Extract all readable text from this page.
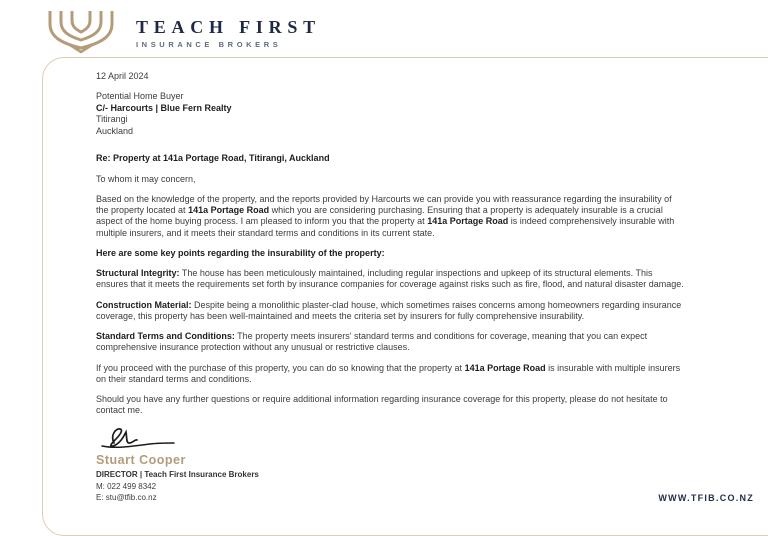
TEACH FIRST
INSURANCE BROKERS
12 April 2024
Potential Home Buyer
C/- Harcourts | Blue Fern Realty
Titirangi
Auckland

Re: Property at 141a Portage Road, Titirangi, Auckland

To whom it may concern,

Based on the knowledge of the property, and the reports provided by Harcourts we can provide you with reassurance regarding the insurability of the property located at 141a Portage Road which you are considering purchasing. Ensuring that a property is adequately insurable is a crucial aspect of the home buying process. I am pleased to inform you that the property at 141a Portage Road is indeed comprehensively insurable with multiple insurers, and it meets their standard terms and conditions in its current state.

Here are some key points regarding the insurability of the property:

Structural Integrity: The house has been meticulously maintained, including regular inspections and upkeep of its structural elements. This ensures that it meets the requirements set forth by insurance companies for coverage against risks such as fire, flood, and natural disaster damage.

Construction Material: Despite being a monolithic plaster-clad house, which sometimes raises concerns among homeowners regarding insurance coverage, this property has been well-maintained and meets the criteria set by insurers for fully comprehensive insurability.

Standard Terms and Conditions: The property meets insurers' standard terms and conditions for coverage, meaning that you can expect comprehensive insurance protection without any unusual or restrictive clauses.

If you proceed with the purchase of this property, you can do so knowing that the property at 141a Portage Road is insurable with multiple insurers on their standard terms and conditions.

Should you have any further questions or require additional information regarding insurance coverage for this property, please do not hesitate to contact me.

Stuart Cooper
DIRECTOR | Teach First Insurance Brokers
M: 022 499 8342
E: stu@tfib.co.nz	WWW.TFIB.CO.NZ
